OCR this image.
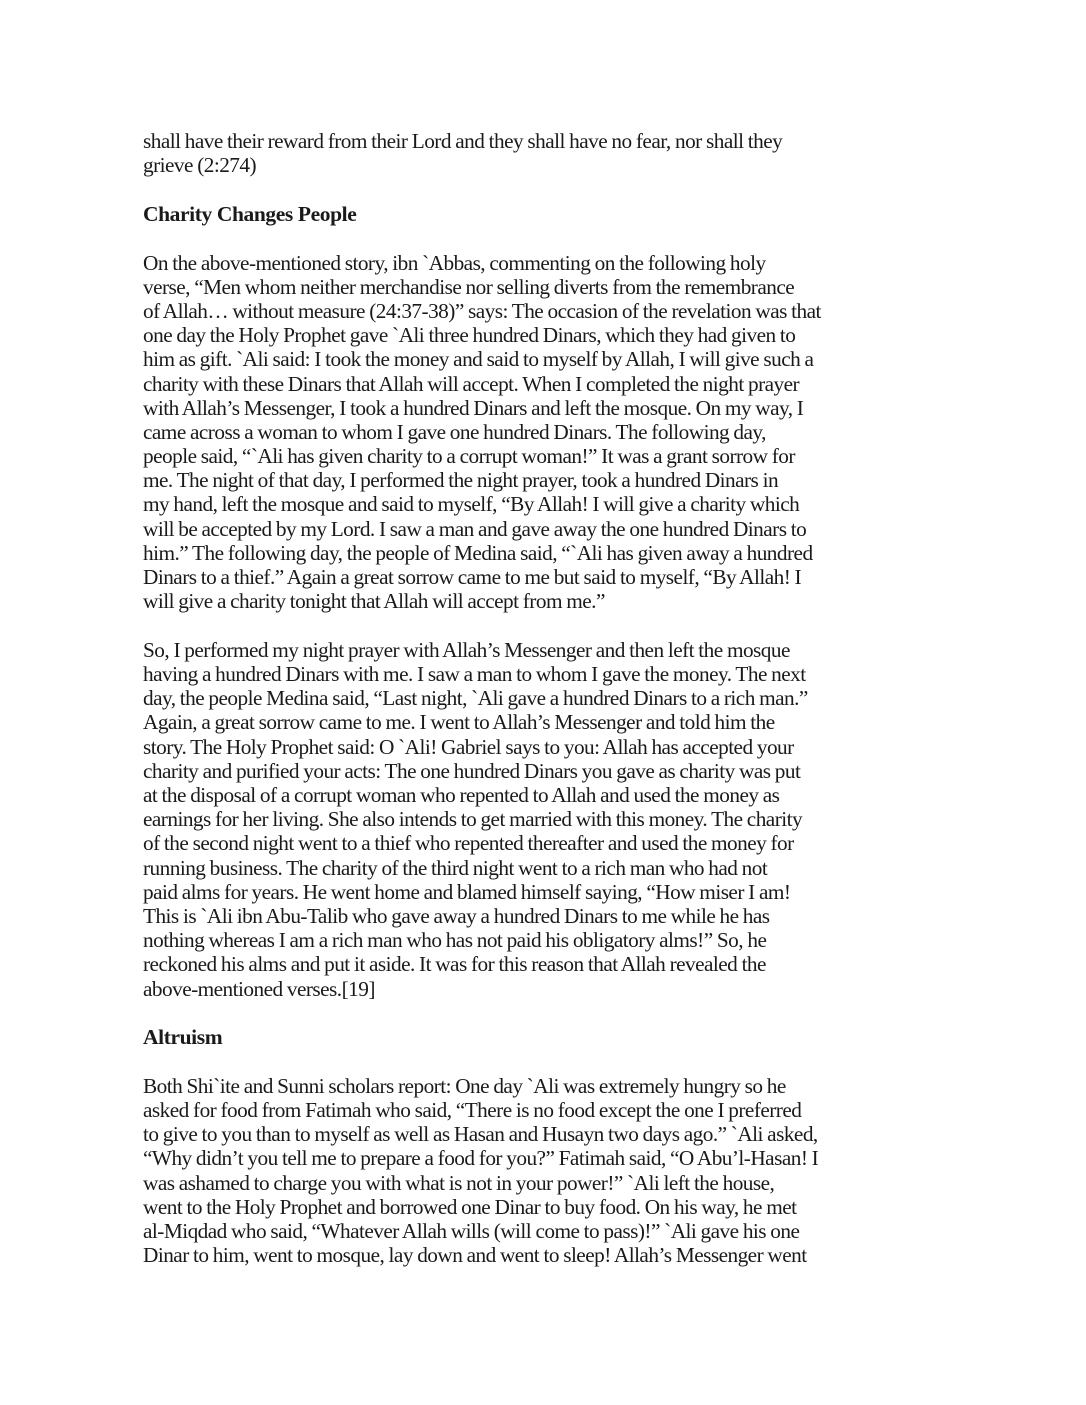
shall have their reward from their Lord and they shall have no fear, nor shall they
grieve (2:274)
Charity Changes People
On the above-mentioned story, ibn `Abbas, commenting on the following holy
verse, “Men whom neither merchandise nor selling diverts from the remembrance
of Allah… without measure (24:37-38)” says: The occasion of the revelation was that
one day the Holy Prophet gave `Ali three hundred Dinars, which they had given to
him as gift. `Ali said: I took the money and said to myself by Allah, I will give such a
charity with these Dinars that Allah will accept. When I completed the night prayer
with Allah’s Messenger, I took a hundred Dinars and left the mosque. On my way, I
came across a woman to whom I gave one hundred Dinars. The following day,
people said, “`Ali has given charity to a corrupt woman!” It was a grant sorrow for
me. The night of that day, I performed the night prayer, took a hundred Dinars in
my hand, left the mosque and said to myself, “By Allah! I will give a charity which
will be accepted by my Lord. I saw a man and gave away the one hundred Dinars to
him.” The following day, the people of Medina said, “`Ali has given away a hundred
Dinars to a thief.” Again a great sorrow came to me but said to myself, “By Allah! I
will give a charity tonight that Allah will accept from me.”
So, I performed my night prayer with Allah’s Messenger and then left the mosque
having a hundred Dinars with me. I saw a man to whom I gave the money. The next
day, the people Medina said, “Last night, `Ali gave a hundred Dinars to a rich man.”
Again, a great sorrow came to me. I went to Allah’s Messenger and told him the
story. The Holy Prophet said: O `Ali! Gabriel says to you: Allah has accepted your
charity and purified your acts: The one hundred Dinars you gave as charity was put
at the disposal of a corrupt woman who repented to Allah and used the money as
earnings for her living. She also intends to get married with this money. The charity
of the second night went to a thief who repented thereafter and used the money for
running business. The charity of the third night went to a rich man who had not
paid alms for years. He went home and blamed himself saying, “How miser I am!
This is `Ali ibn Abu-Talib who gave away a hundred Dinars to me while he has
nothing whereas I am a rich man who has not paid his obligatory alms!” So, he
reckoned his alms and put it aside. It was for this reason that Allah revealed the
above-mentioned verses.[19]
Altruism
Both Shi`ite and Sunni scholars report: One day `Ali was extremely hungry so he
asked for food from Fatimah who said, “There is no food except the one I preferred
to give to you than to myself as well as Hasan and Husayn two days ago.” `Ali asked,
“Why didn’t you tell me to prepare a food for you?” Fatimah said, “O Abu’l-Hasan! I
was ashamed to charge you with what is not in your power!” `Ali left the house,
went to the Holy Prophet and borrowed one Dinar to buy food. On his way, he met
al-Miqdad who said, “Whatever Allah wills (will come to pass)!” `Ali gave his one
Dinar to him, went to mosque, lay down and went to sleep! Allah’s Messenger went
